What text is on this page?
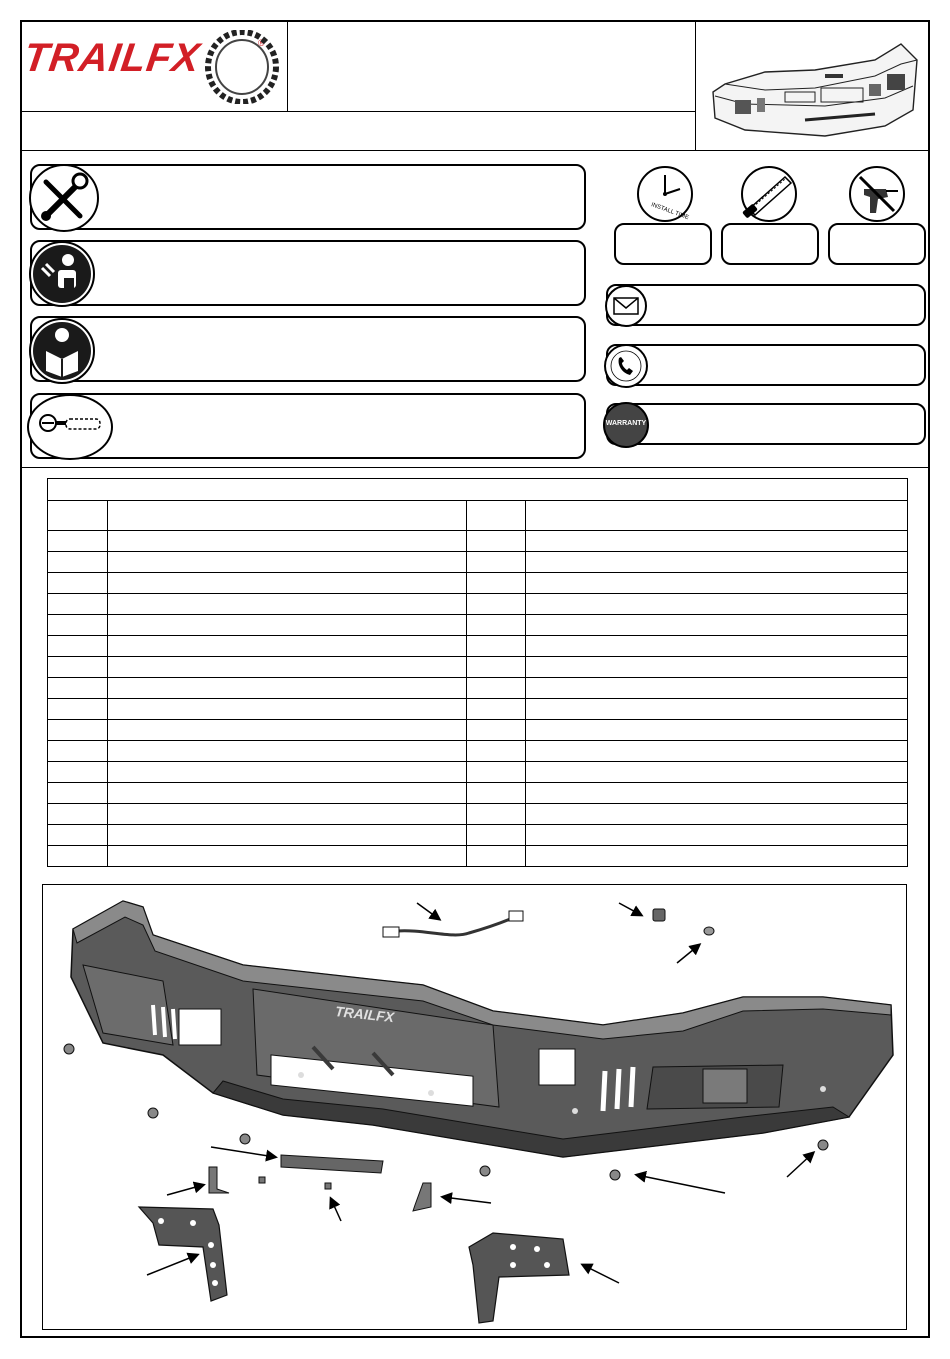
TRAILFX	®
INSTALL TIME
WARRANTY

TRAILFX
